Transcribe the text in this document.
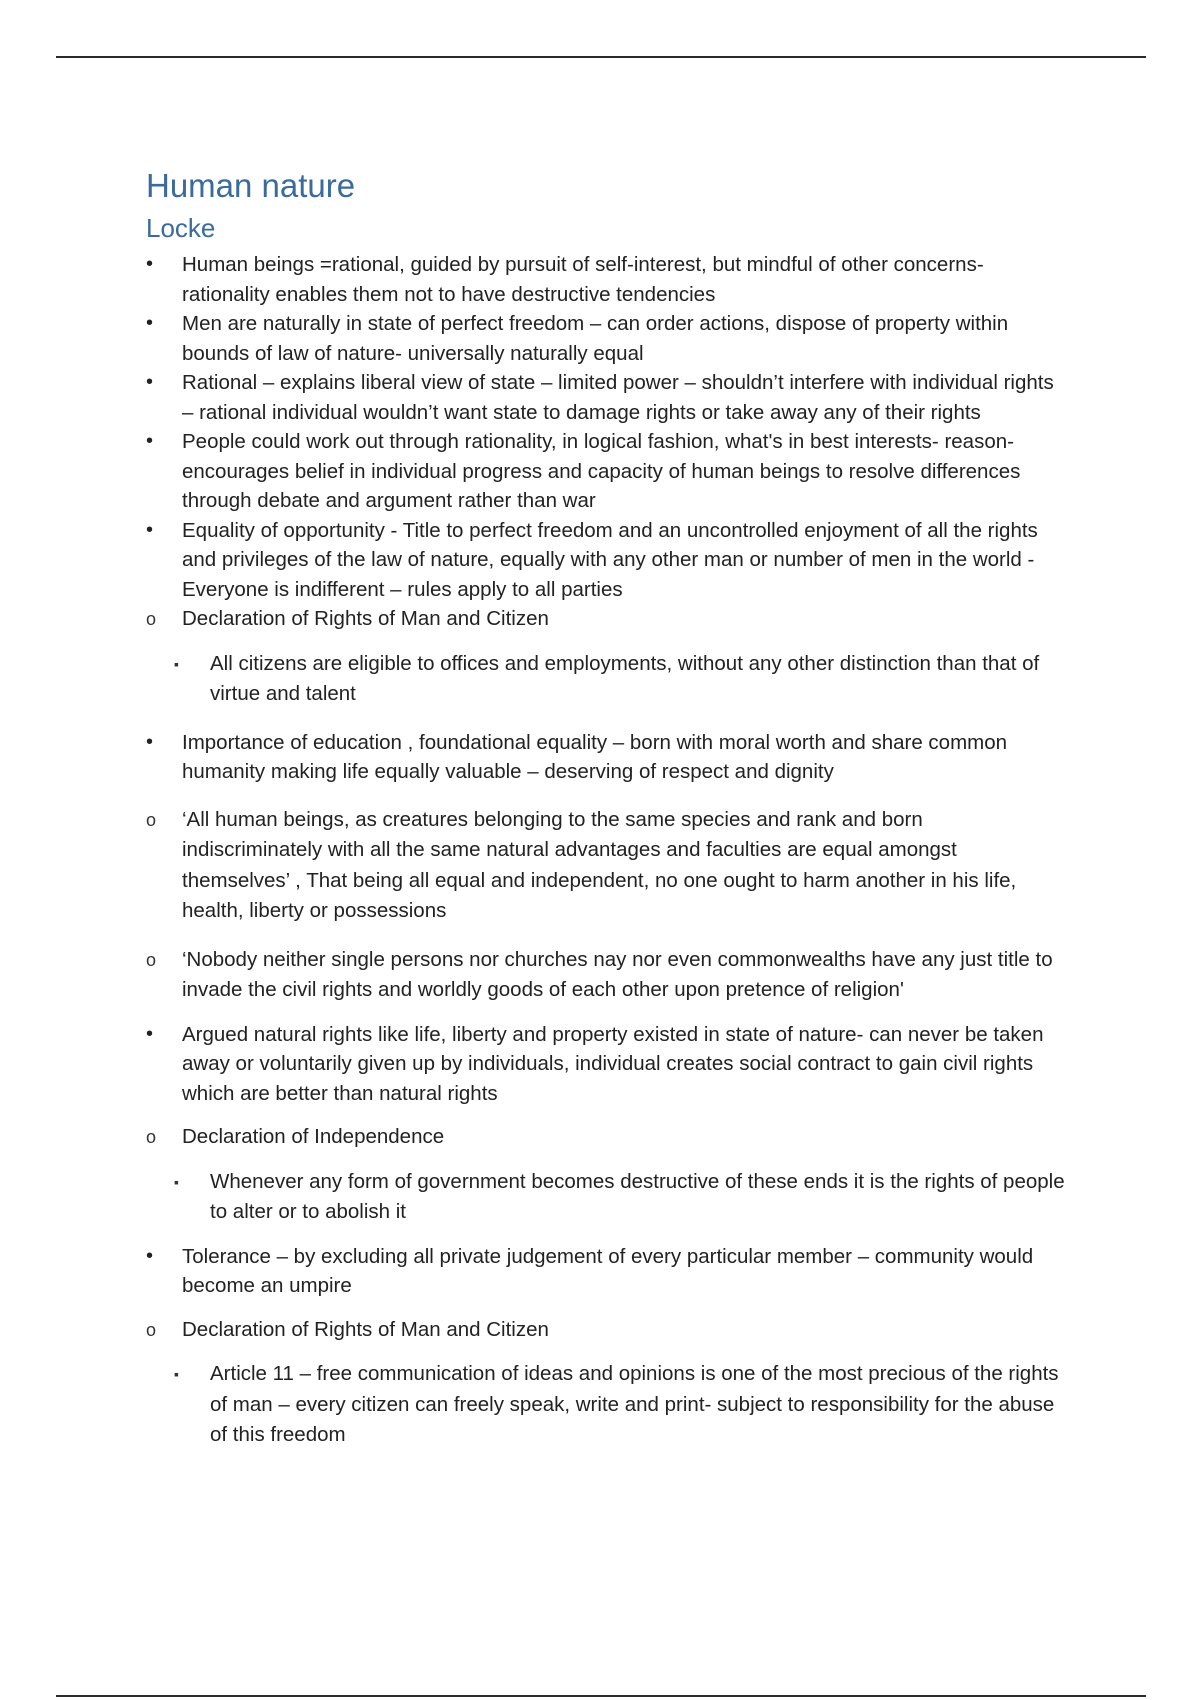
Human nature
Locke
•	Human beings =rational, guided by pursuit of self-interest, but mindful of other concerns- rationality enables them not to have destructive tendencies
•	Men are naturally in state of perfect freedom – can order actions, dispose of property within bounds of law of nature- universally naturally equal
•	Rational – explains liberal view of state – limited power – shouldn’t interfere with individual rights – rational individual wouldn’t want state to damage rights or take away any of their rights
•	People could work out through rationality, in logical fashion, what's in best interests- reason- encourages belief in individual progress and capacity of human beings to resolve differences through debate and argument rather than war
•	Equality of opportunity - Title to perfect freedom and an uncontrolled enjoyment of all the rights and privileges of the law of nature, equally with any other man or number of men in the world - Everyone is indifferent – rules apply to all parties
o Declaration of Rights of Man and Citizen
▪ All citizens are eligible to offices and employments, without any other distinction than that of virtue and talent
•	Importance of education , foundational equality – born with moral worth and share common humanity making life equally valuable – deserving of respect and dignity
o ‘All human beings, as creatures belonging to the same species and rank and born indiscriminately with all the same natural advantages and faculties are equal amongst themselves’ , That being all equal and independent, no one ought to harm another in his life, health, liberty or possessions
o ‘Nobody neither single persons nor churches nay nor even commonwealths have any just title to invade the civil rights and worldly goods of each other upon pretence of religion'
•	Argued natural rights like life, liberty and property existed in state of nature- can never be taken away or voluntarily given up by individuals, individual creates social contract to gain civil rights which are better than natural rights
o Declaration of Independence
▪ Whenever any form of government becomes destructive of these ends it is the rights of people to alter or to abolish it
•	Tolerance – by excluding all private judgement of every particular member – community would become an umpire
o Declaration of Rights of Man and Citizen
▪ Article 11 – free communication of ideas and opinions is one of the most precious of the rights of man – every citizen can freely speak, write and print- subject to responsibility for the abuse of this freedom
